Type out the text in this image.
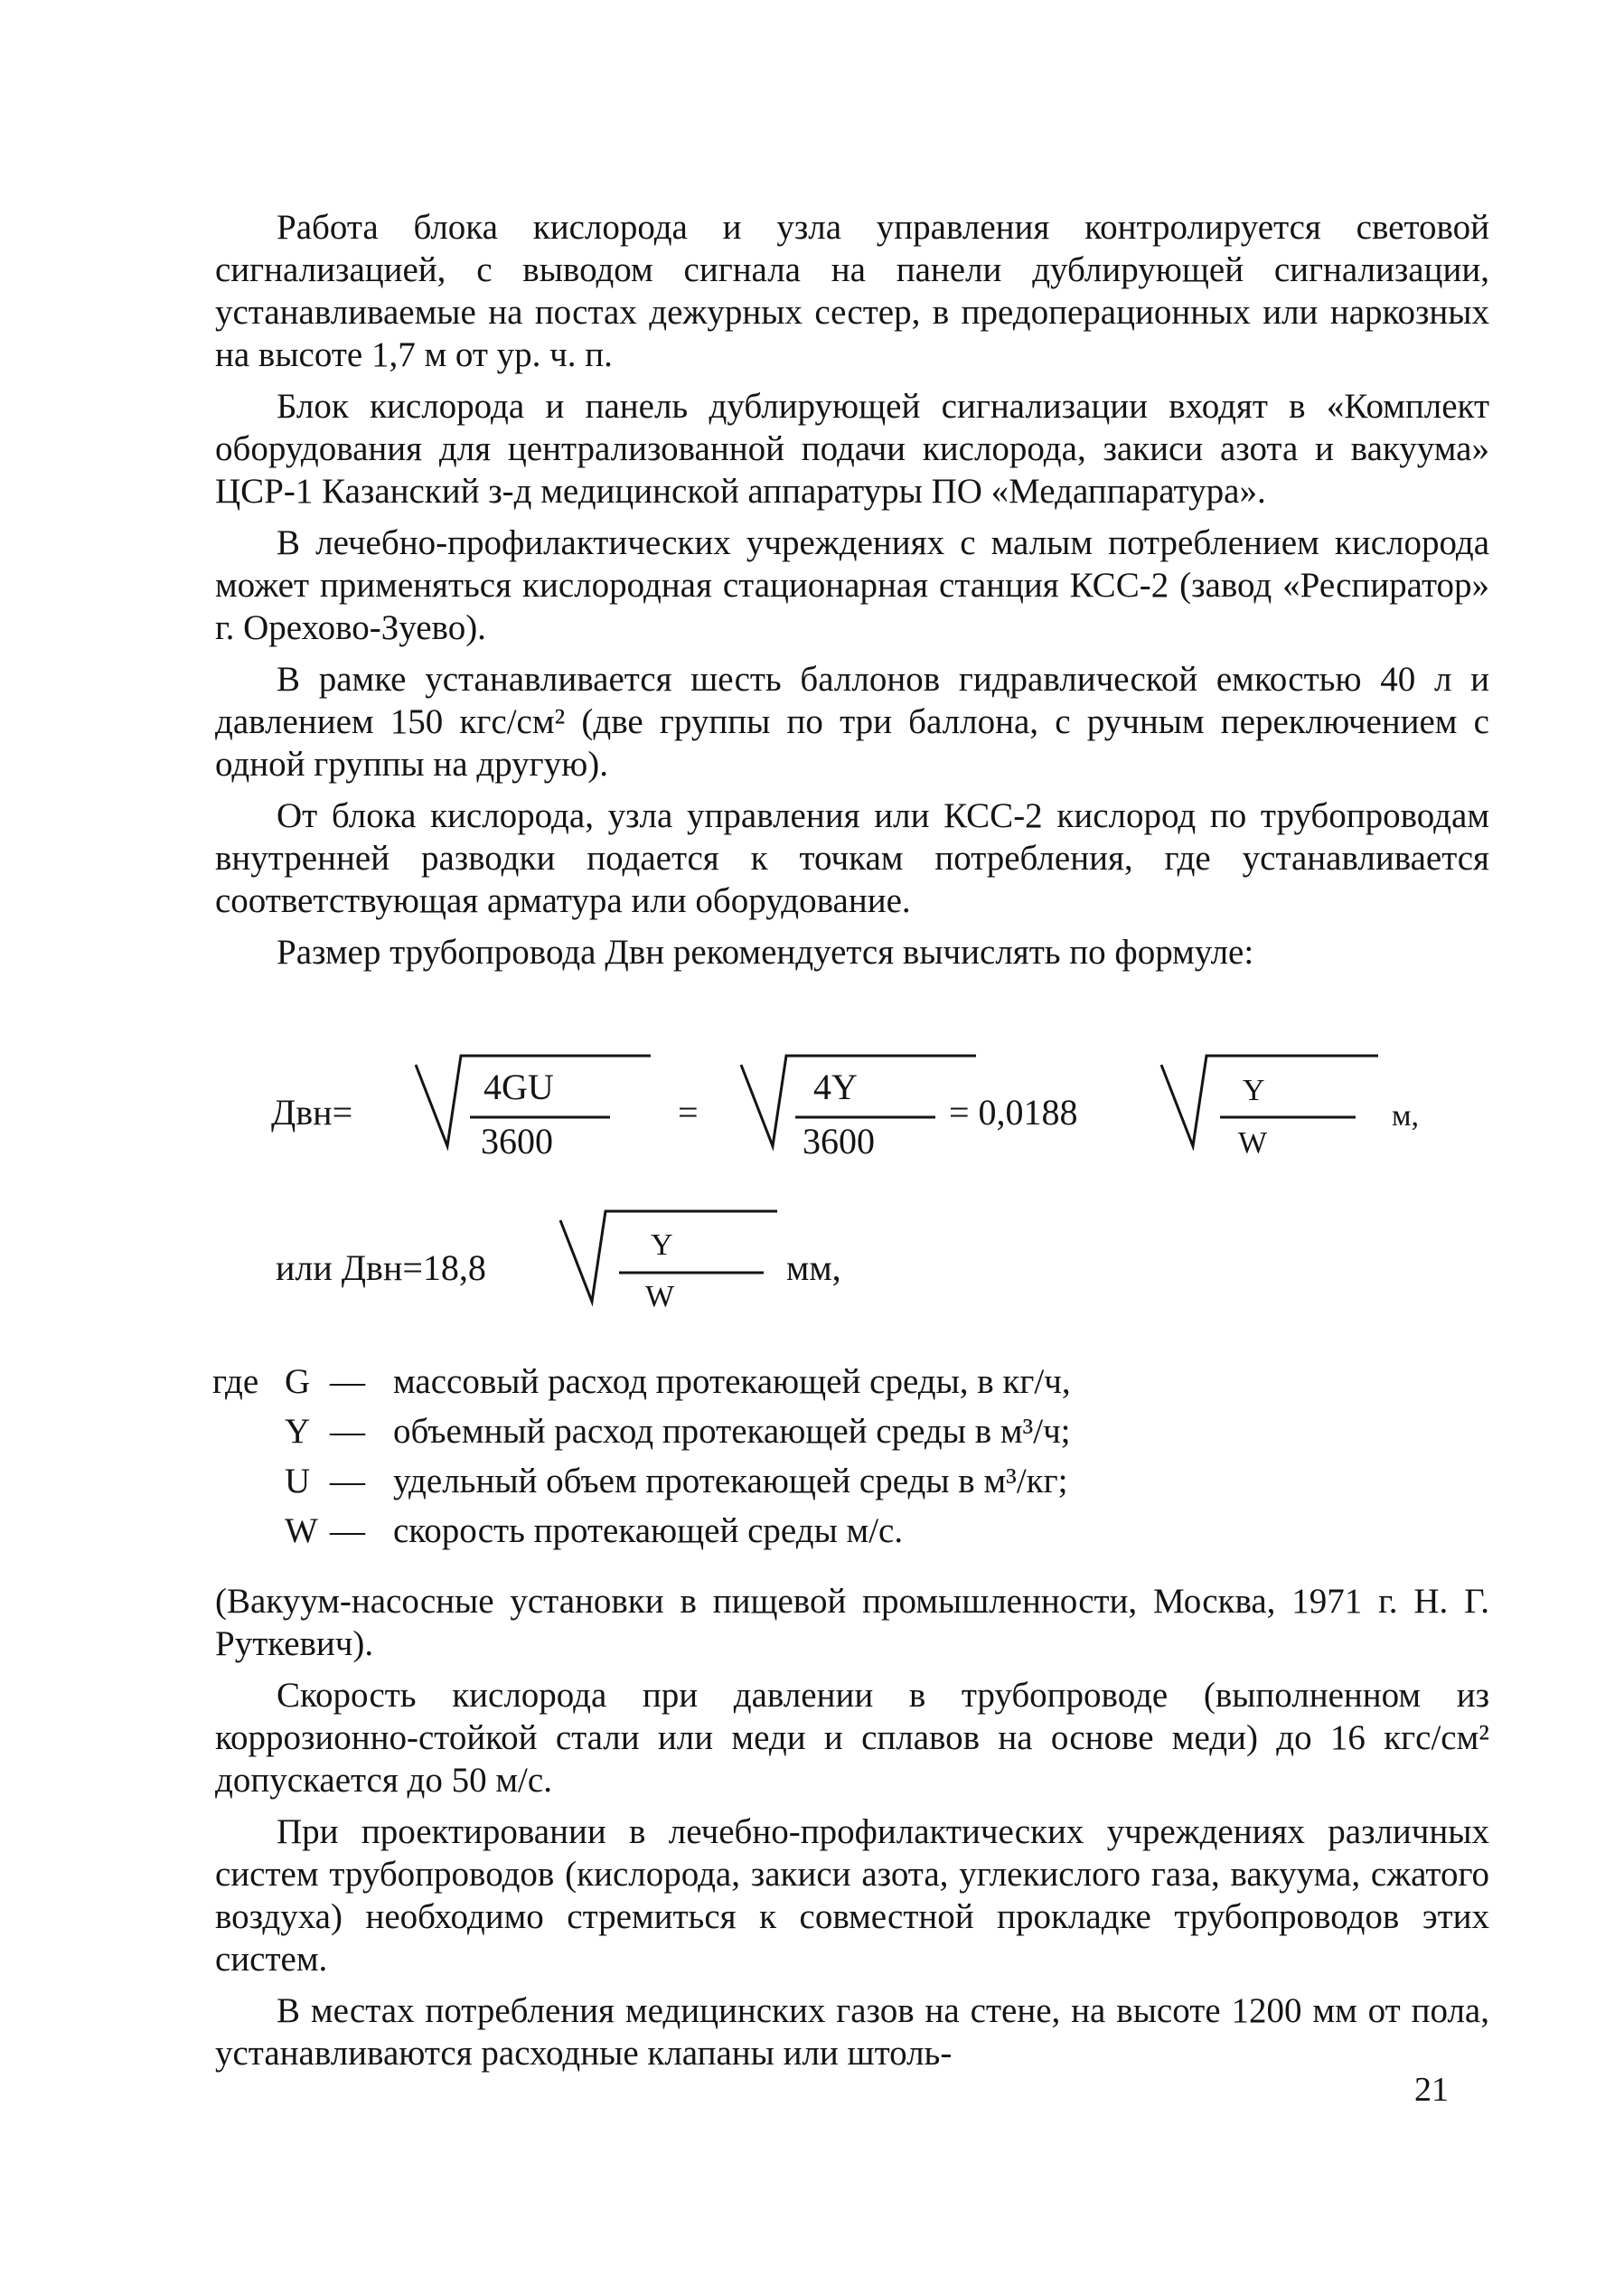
Работа блока кислорода и узла управления контролируется световой сигнализацией, с выводом сигнала на панели дублирующей сигнализации, устанавливаемые на постах дежурных сестер, в предоперационных или наркозных на высоте 1,7 м от ур. ч. п.

Блок кислорода и панель дублирующей сигнализации входят в «Комплект оборудования для централизованной подачи кислорода, закиси азота и вакуума» ЦСР-1 Казанский з-д медицинской аппаратуры ПО «Медаппаратура».

В лечебно-профилактических учреждениях с малым потреблением кислорода может применяться кислородная стационарная станция КСС-2 (завод «Респиратор» г. Орехово-Зуево).

В рамке устанавливается шесть баллонов гидравлической емкостью 40 л и давлением 150 кгс/см² (две группы по три баллона, с ручным переключением с одной группы на другую).

От блока кислорода, узла управления или КСС-2 кислород по трубопроводам внутренней разводки подается к точкам потребления, где устанавливается соответствующая арматура или оборудование.

Размер трубопровода Двн рекомендуется вычислять по формуле:

Двн=
4GU
3600
=
4Y
3600
= 0,0188
Y
W
м,
или Двн=18,8
Y
W
мм,
где G — массовый расход протекающей среды, в кг/ч,
Y — объемный расход протекающей среды в м³/ч;
U — удельный объем протекающей среды в м³/кг;
W — скорость протекающей среды м/с.

(Вакуум-насосные установки в пищевой промышленности, Москва, 1971 г. Н. Г. Руткевич).

Скорость кислорода при давлении в трубопроводе (выполненном из коррозионно-стойкой стали или меди и сплавов на основе меди) до 16 кгс/см² допускается до 50 м/с.

При проектировании в лечебно-профилактических учреждениях различных систем трубопроводов (кислорода, закиси азота, углекислого газа, вакуума, сжатого воздуха) необходимо стремиться к совместной прокладке трубопроводов этих систем.

В местах потребления медицинских газов на стене, на высоте 1200 мм от пола, устанавливаются расходные клапаны или штоль-

21
